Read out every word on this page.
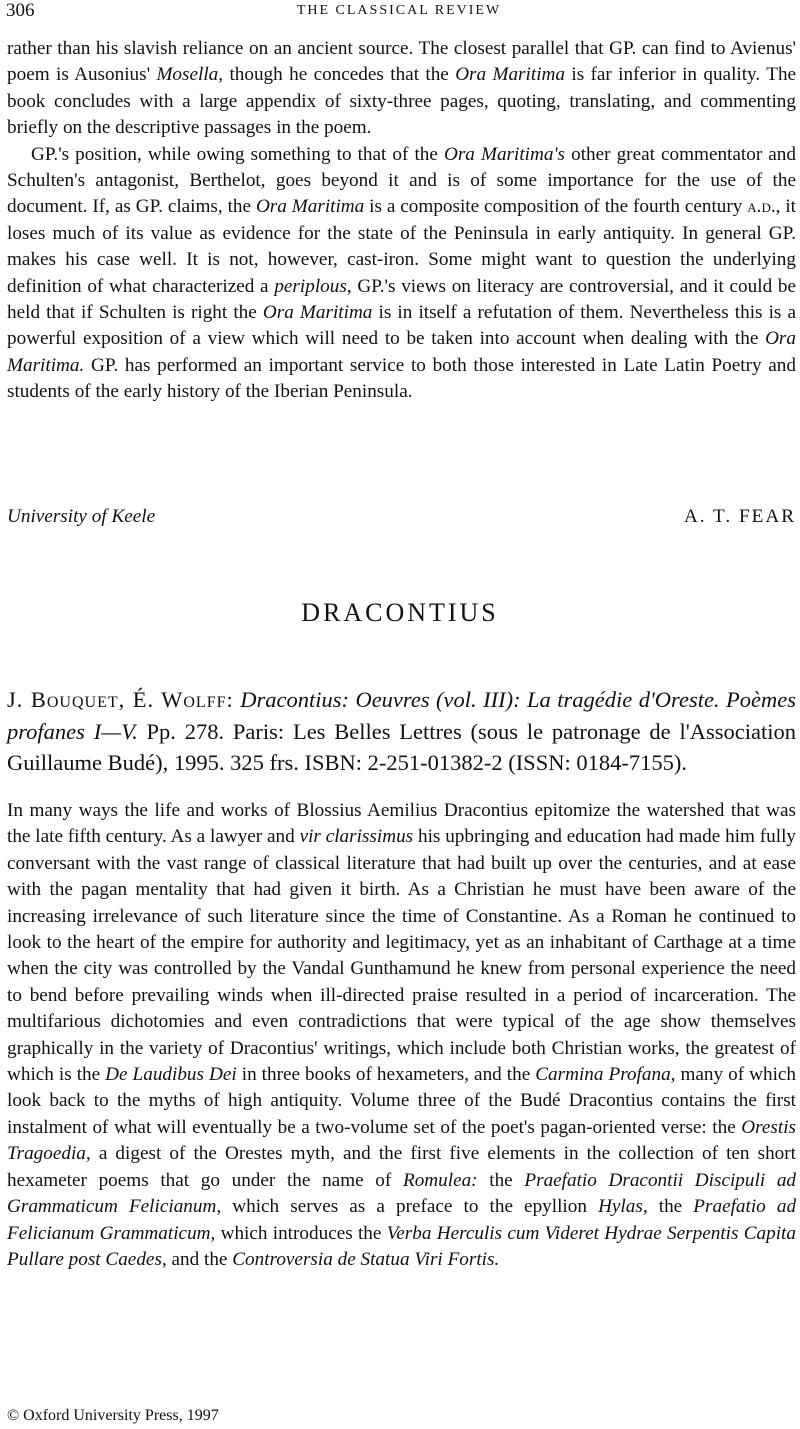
306	THE CLASSICAL REVIEW

rather than his slavish reliance on an ancient source. The closest parallel that GP. can find to Avienus' poem is Ausonius' Mosella, though he concedes that the Ora Maritima is far inferior in quality. The book concludes with a large appendix of sixty-three pages, quoting, translating, and commenting briefly on the descriptive passages in the poem.

GP.'s position, while owing something to that of the Ora Maritima's other great commentator and Schulten's antagonist, Berthelot, goes beyond it and is of some importance for the use of the document. If, as GP. claims, the Ora Maritima is a composite composition of the fourth century a.d., it loses much of its value as evidence for the state of the Peninsula in early antiquity. In general GP. makes his case well. It is not, however, cast-iron. Some might want to question the underlying definition of what characterized a periplous, GP.'s views on literacy are controversial, and it could be held that if Schulten is right the Ora Maritima is in itself a refutation of them. Nevertheless this is a powerful exposition of a view which will need to be taken into account when dealing with the Ora Maritima. GP. has performed an important service to both those interested in Late Latin Poetry and students of the early history of the Iberian Peninsula.

University of Keele	A. T. FEAR
DRACONTIUS
J. Bouquet, É. Wolff: Dracontius: Oeuvres (vol. III): La tragédie d'Oreste. Poèmes profanes I—V. Pp. 278. Paris: Les Belles Lettres (sous le patronage de l'Association Guillaume Budé), 1995. 325 frs. ISBN: 2-251-01382-2 (ISSN: 0184-7155).

In many ways the life and works of Blossius Aemilius Dracontius epitomize the watershed that was the late fifth century. As a lawyer and vir clarissimus his upbringing and education had made him fully conversant with the vast range of classical literature that had built up over the centuries, and at ease with the pagan mentality that had given it birth. As a Christian he must have been aware of the increasing irrelevance of such literature since the time of Constantine. As a Roman he continued to look to the heart of the empire for authority and legitimacy, yet as an inhabitant of Carthage at a time when the city was controlled by the Vandal Gunthamund he knew from personal experience the need to bend before prevailing winds when ill-directed praise resulted in a period of incarceration. The multifarious dichotomies and even contradictions that were typical of the age show themselves graphically in the variety of Dracontius' writings, which include both Christian works, the greatest of which is the De Laudibus Dei in three books of hexameters, and the Carmina Profana, many of which look back to the myths of high antiquity. Volume three of the Budé Dracontius contains the first instalment of what will eventually be a two-volume set of the poet's pagan-oriented verse: the Orestis Tragoedia, a digest of the Orestes myth, and the first five elements in the collection of ten short hexameter poems that go under the name of Romulea: the Praefatio Dracontii Discipuli ad Grammaticum Felicianum, which serves as a preface to the epyllion Hylas, the Praefatio ad Felicianum Grammaticum, which introduces the Verba Herculis cum Videret Hydrae Serpentis Capita Pullare post Caedes, and the Controversia de Statua Viri Fortis.

© Oxford University Press, 1997
